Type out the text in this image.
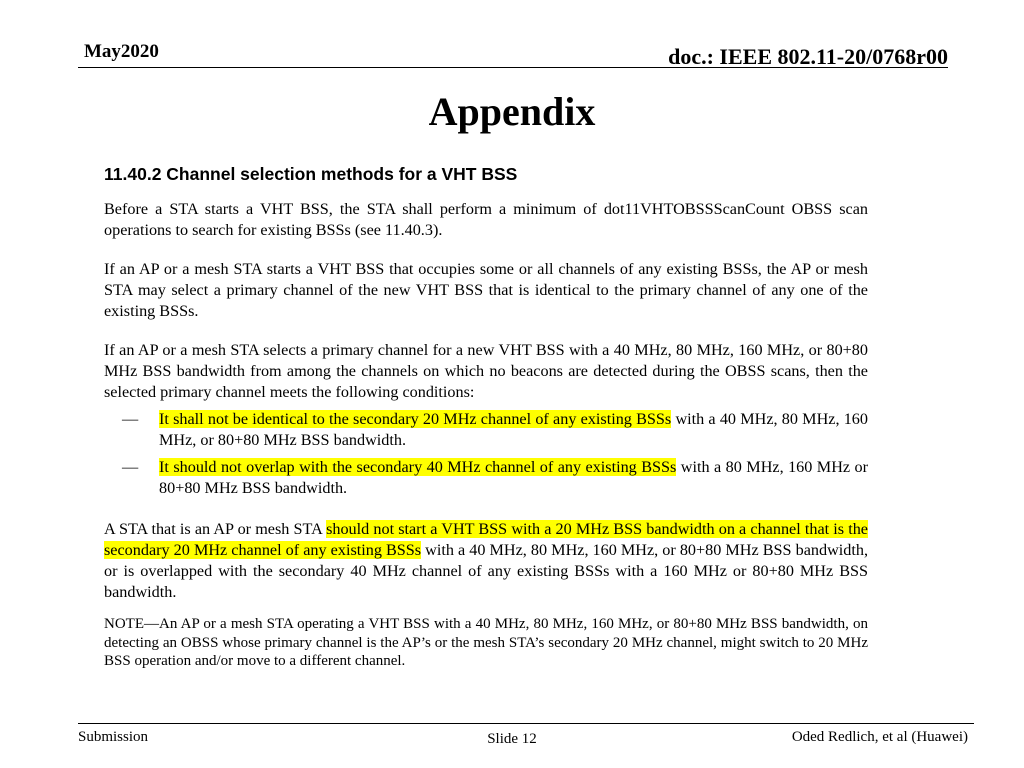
May2020	doc.: IEEE 802.11-20/0768r00
Appendix
11.40.2 Channel selection methods for a VHT BSS
Before a STA starts a VHT BSS, the STA shall perform a minimum of dot11VHTOBSSScanCount OBSS scan operations to search for existing BSSs (see 11.40.3).
If an AP or a mesh STA starts a VHT BSS that occupies some or all channels of any existing BSSs, the AP or mesh STA may select a primary channel of the new VHT BSS that is identical to the primary channel of any one of the existing BSSs.
If an AP or a mesh STA selects a primary channel for a new VHT BSS with a 40 MHz, 80 MHz, 160 MHz, or 80+80 MHz BSS bandwidth from among the channels on which no beacons are detected during the OBSS scans, then the selected primary channel meets the following conditions:
—	It shall not be identical to the secondary 20 MHz channel of any existing BSSs with a 40 MHz, 80 MHz, 160 MHz, or 80+80 MHz BSS bandwidth.
—	It should not overlap with the secondary 40 MHz channel of any existing BSSs with a 80 MHz, 160 MHz or 80+80 MHz BSS bandwidth.
A STA that is an AP or mesh STA should not start a VHT BSS with a 20 MHz BSS bandwidth on a channel that is the secondary 20 MHz channel of any existing BSSs with a 40 MHz, 80 MHz, 160 MHz, or 80+80 MHz BSS bandwidth, or is overlapped with the secondary 40 MHz channel of any existing BSSs with a 160 MHz or 80+80 MHz BSS bandwidth.
NOTE—An AP or a mesh STA operating a VHT BSS with a 40 MHz, 80 MHz, 160 MHz, or 80+80 MHz BSS bandwidth, on detecting an OBSS whose primary channel is the AP’s or the mesh STA’s secondary 20 MHz channel, might switch to 20 MHz BSS operation and/or move to a different channel.
Submission	Slide 12	Oded Redlich, et al (Huawei)
